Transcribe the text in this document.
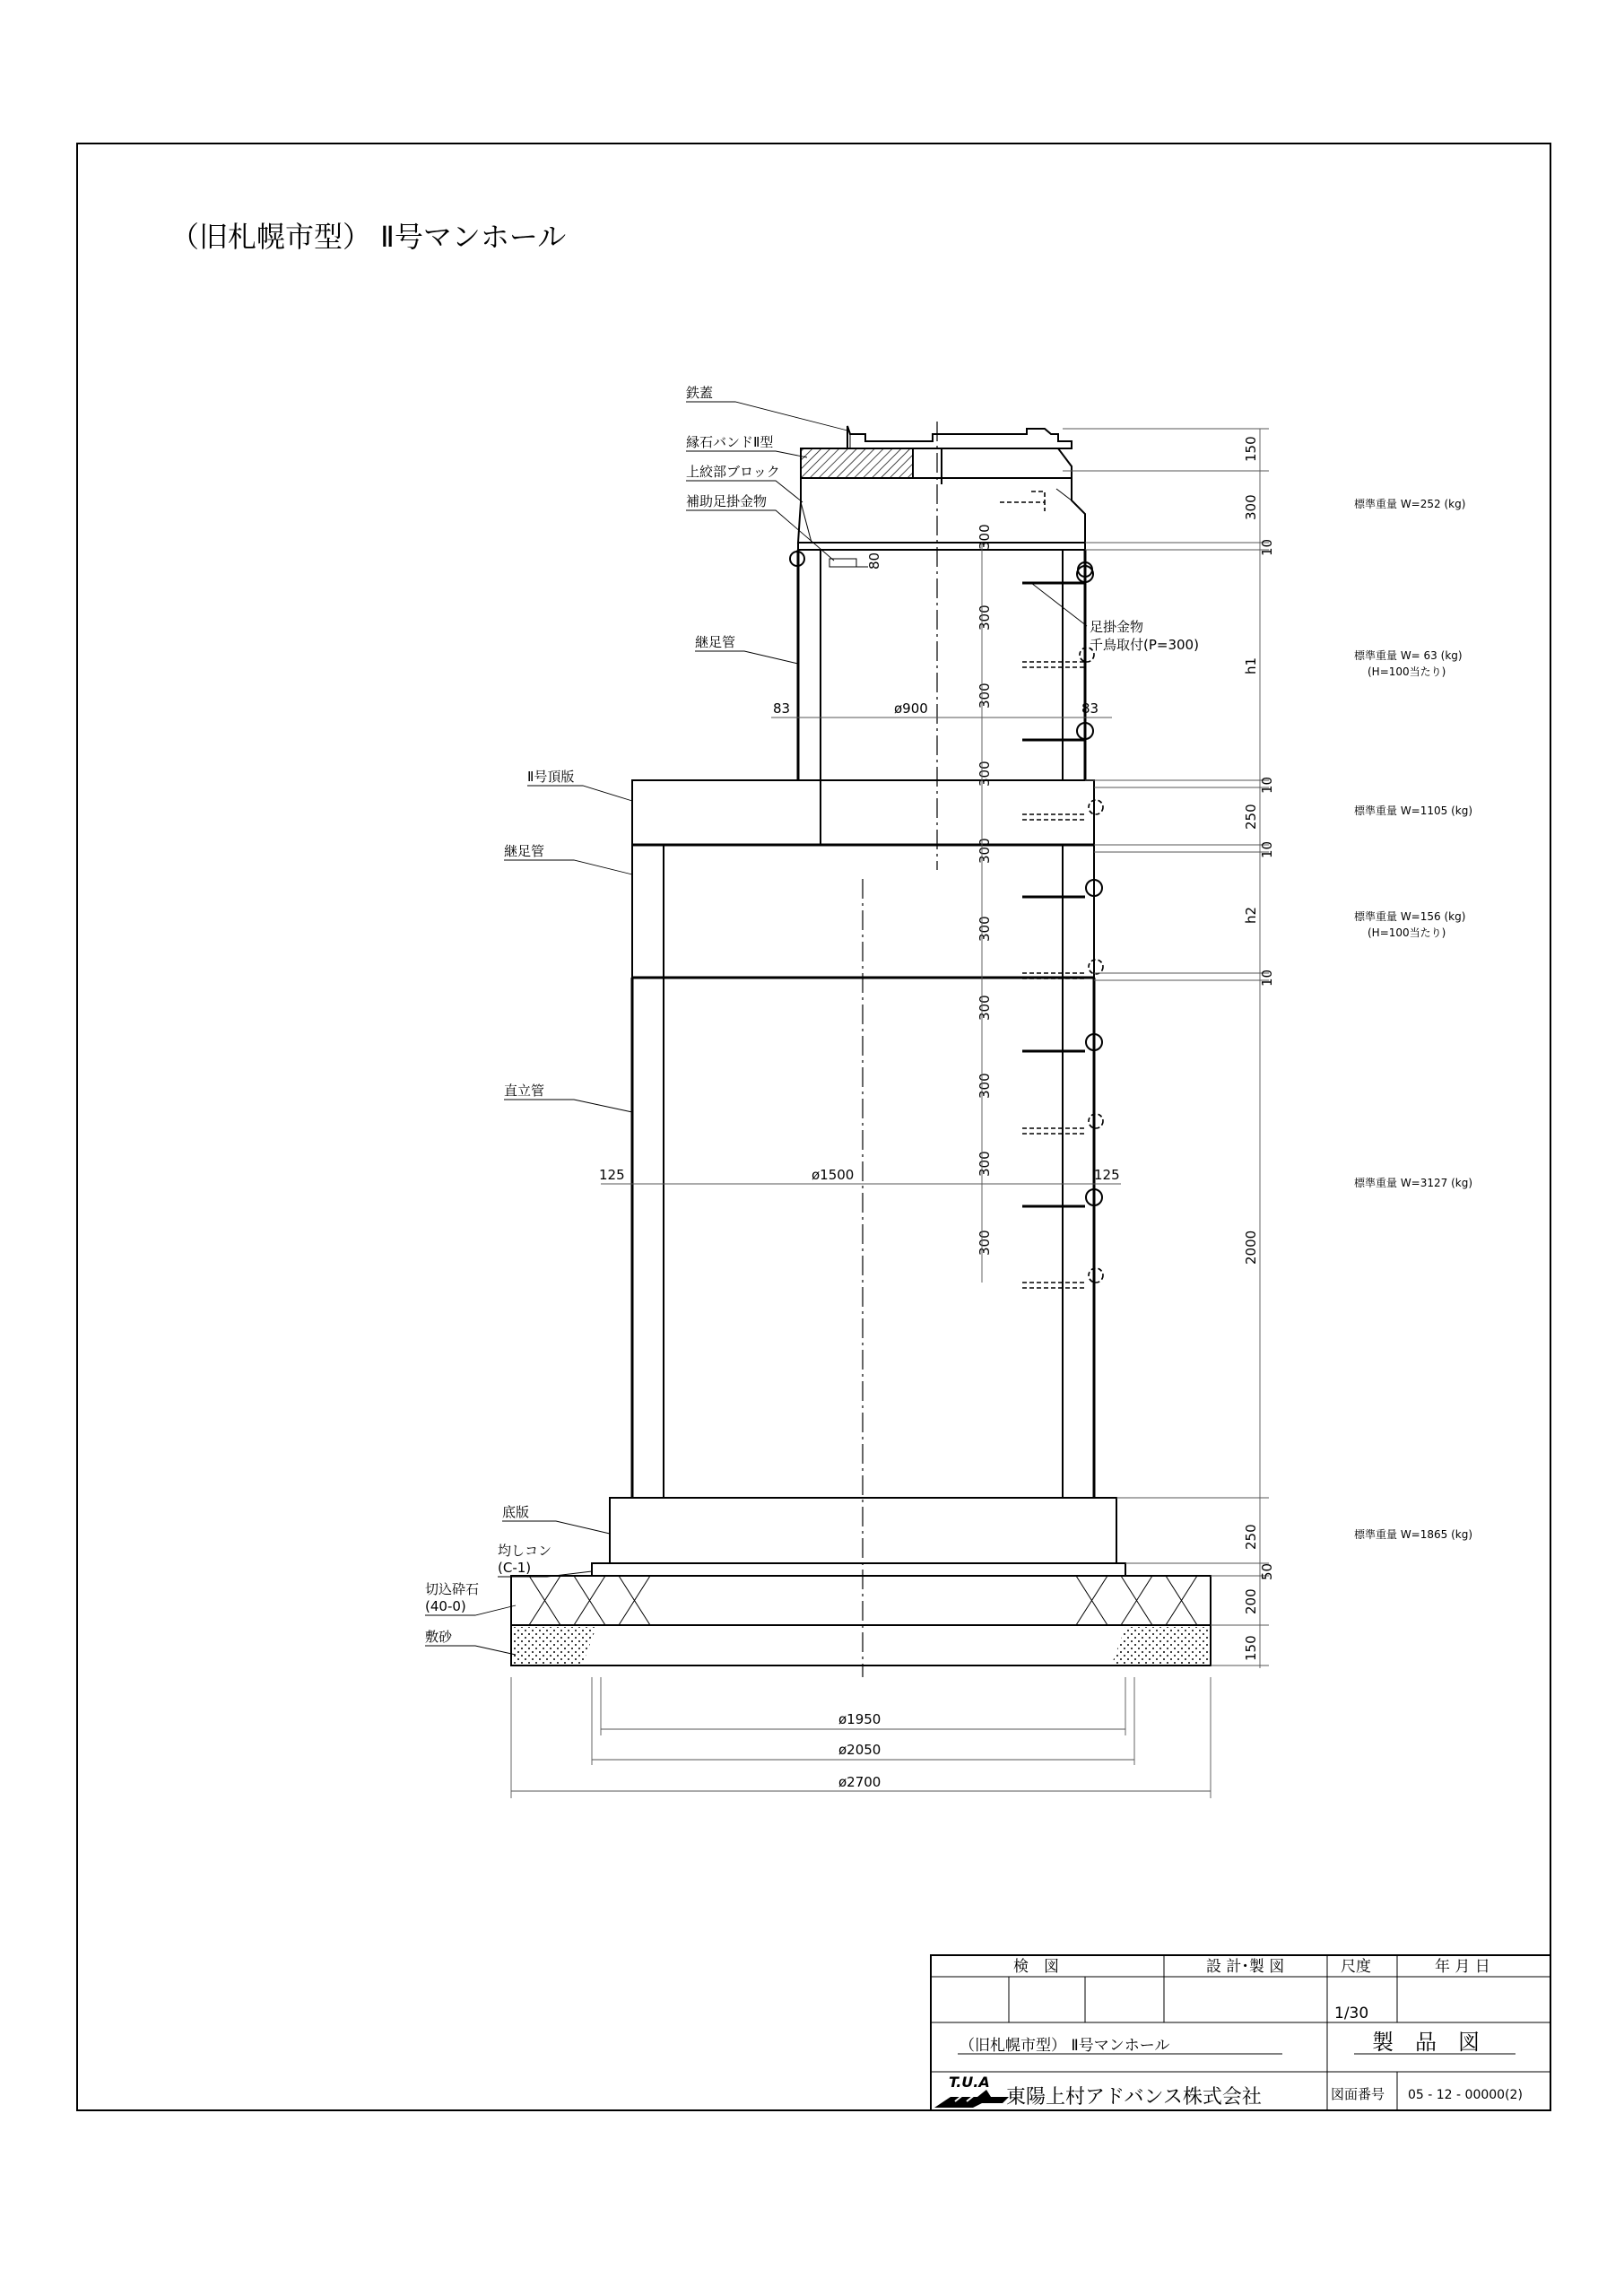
（旧札幌市型） Ⅱ号マンホール
300
300
300
300
300
300
300
300
300
300
83	ø900	83
125	ø1500	125
ø1950
ø2050
ø2700
80
150
300
10
h1
10
250
10
h2
10
2000
250
50
200
150
鉄蓋
縁石バンドⅡ型
上絞部ブロック
補助足掛金物
継足管
足掛金物
千鳥取付(P=300)
Ⅱ号頂版
継足管
直立管
底版
均しコン
(C-1)
切込砕石
(40-0)
敷砂
標準重量 W=252 (kg)
標準重量 W= 63 (kg)
(H=100当たり)
標準重量 W=1105 (kg)
標準重量 W=156 (kg)
(H=100当たり)
標準重量 W=3127 (kg)
標準重量 W=1865 (kg)
検　図	設 計･製 図	尺度	年 月 日
1/30
（旧札幌市型） Ⅱ号マンホール	製　品　図
T.U.A
東陽上村アドバンス株式会社	図面番号 05 - 12 - 00000(2)
